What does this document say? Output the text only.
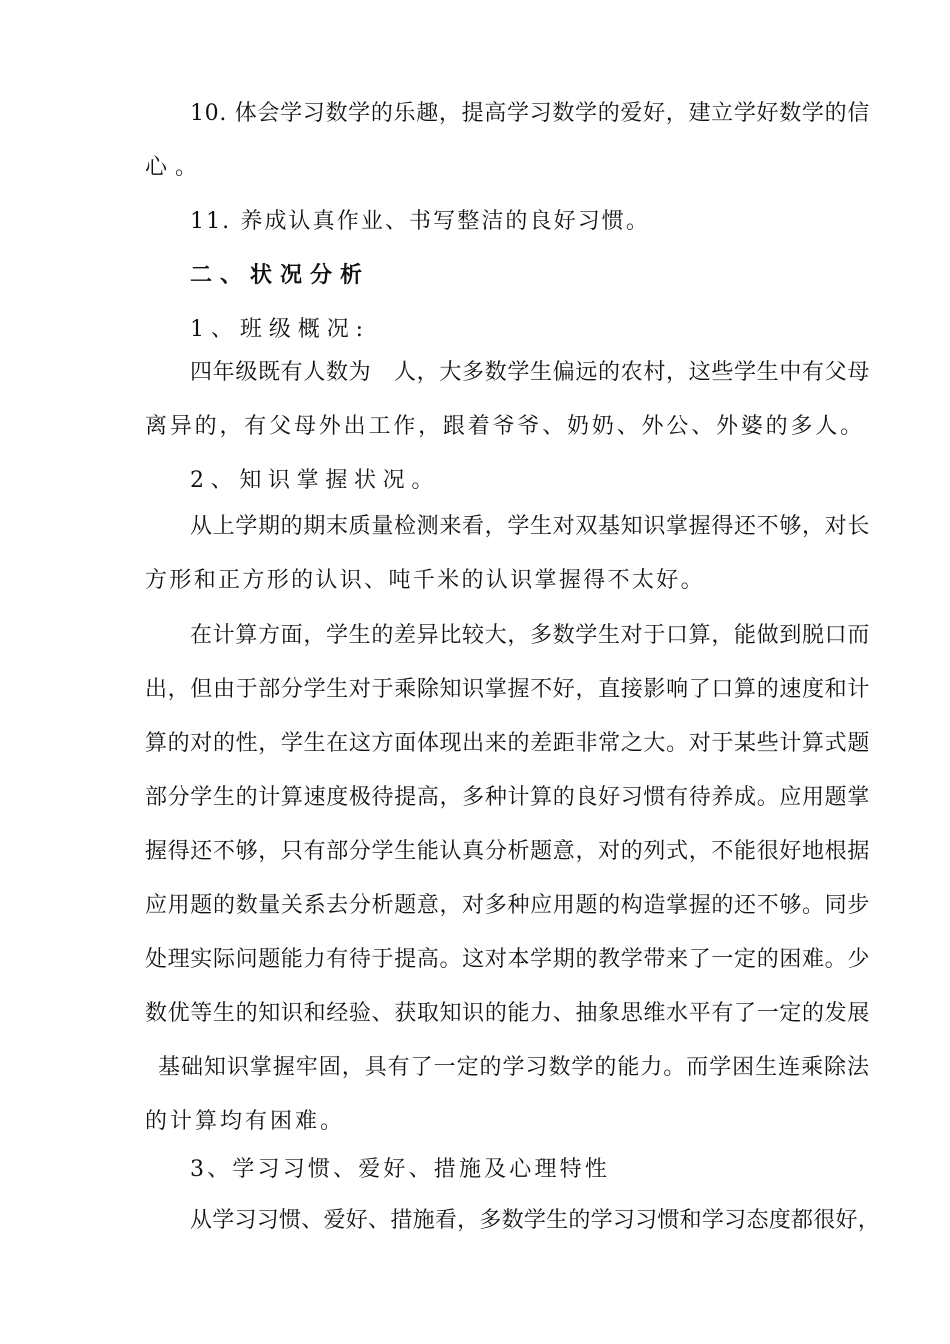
10. 体会学习数学的乐趣，提高学习数学的爱好，建立学好数学的信
心。
11. 养成认真作业、书写整洁的良好习惯。
二、状况分析
1、班级概况:
四年级既有人数为　人，大多数学生偏远的农村，这些学生中有父母
离异的，有父母外出工作，跟着爷爷、奶奶、外公、外婆的多人。
2、知识掌握状况。
从上学期的期末质量检测来看，学生对双基知识掌握得还不够，对长
方形和正方形的认识、吨千米的认识掌握得不太好。
在计算方面，学生的差异比较大，多数学生对于口算，能做到脱口而
出，但由于部分学生对于乘除知识掌握不好，直接影响了口算的速度和计
算的对的性，学生在这方面体现出来的差距非常之大。对于某些计算式题
部分学生的计算速度极待提高，多种计算的良好习惯有待养成。应用题掌
握得还不够，只有部分学生能认真分析题意，对的列式，不能很好地根据
应用题的数量关系去分析题意，对多种应用题的构造掌握的还不够。同步
处理实际问题能力有待于提高。这对本学期的教学带来了一定的困难。少
数优等生的知识和经验、获取知识的能力、抽象思维水平有了一定的发展
基础知识掌握牢固，具有了一定的学习数学的能力。而学困生连乘除法
的计算均有困难。
3、学习习惯、爱好、措施及心理特性
从学习习惯、爱好、措施看，多数学生的学习习惯和学习态度都很好，
